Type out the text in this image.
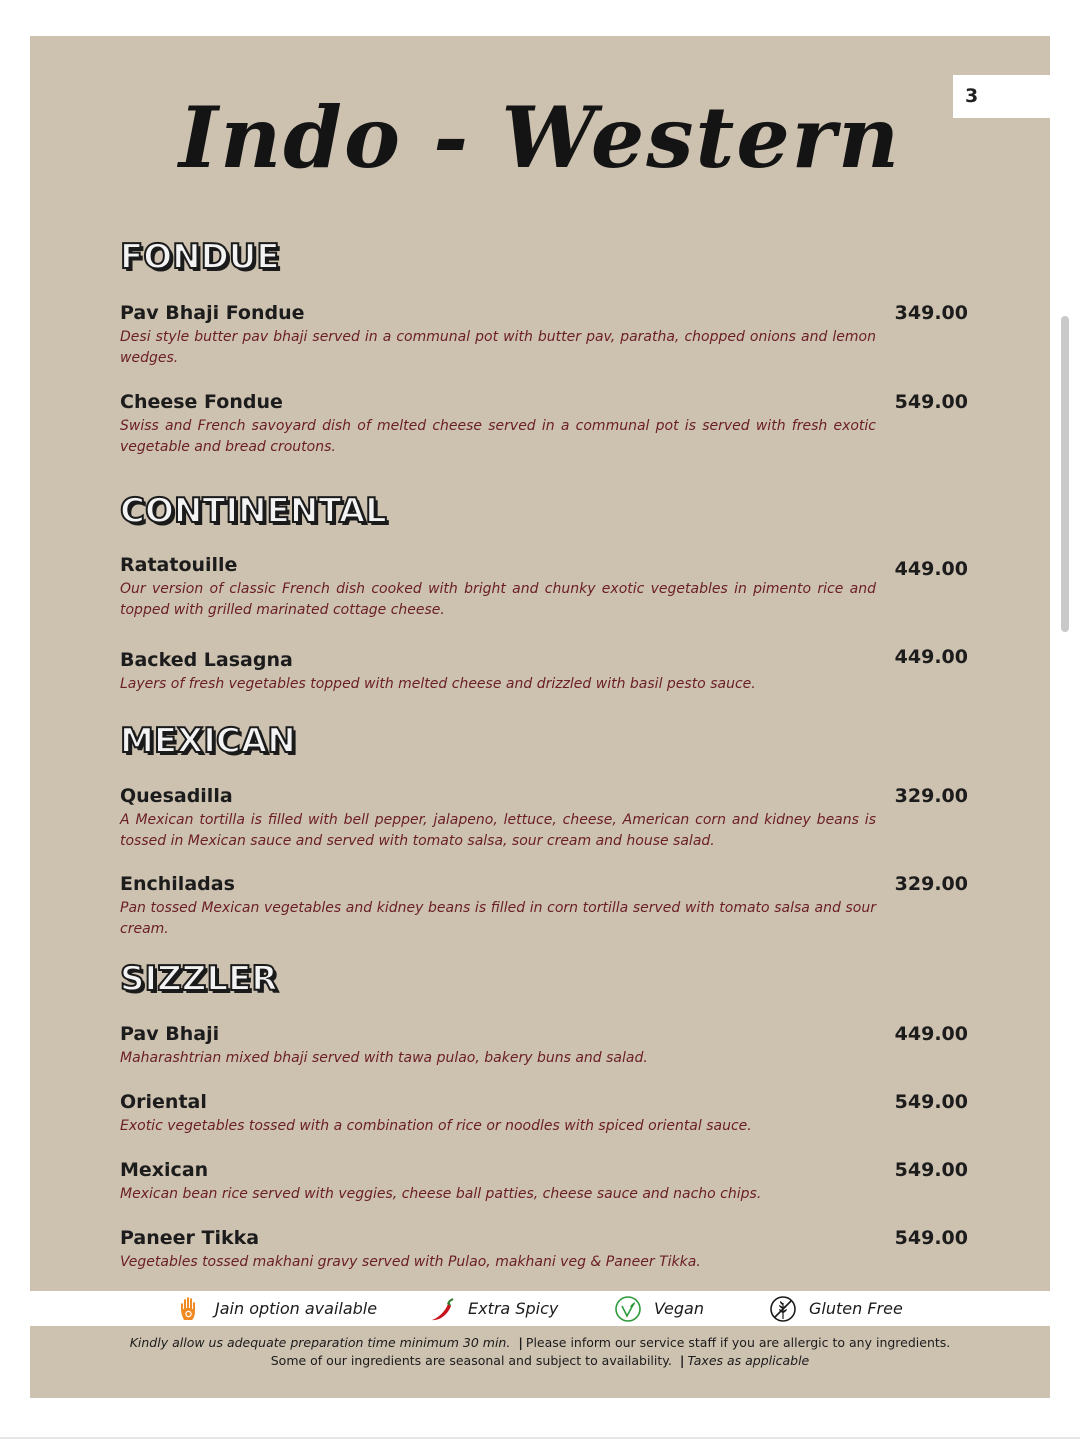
3
Indo - Western
FONDUE
Pav Bhaji Fondue
Desi style butter pav bhaji served in a communal pot with butter pav, paratha, chopped onions and lemon wedges.
349.00
Cheese Fondue
Swiss and French savoyard dish of melted cheese served in a communal pot is served with fresh exotic vegetable and bread croutons.
549.00
CONTINENTAL
Ratatouille
Our version of classic French dish cooked with bright and chunky exotic vegetables in pimento rice and topped with grilled marinated cottage cheese.
449.00
Backed Lasagna
Layers of fresh vegetables topped with melted cheese and drizzled with basil pesto sauce.
449.00
MEXICAN
Quesadilla
A Mexican tortilla is filled with bell pepper, jalapeno, lettuce, cheese, American corn and kidney beans is tossed in Mexican sauce and served with tomato salsa, sour cream and house salad.
329.00
Enchiladas
Pan tossed Mexican vegetables and kidney beans is filled in corn tortilla served with tomato salsa and sour cream.
329.00
SIZZLER
Pav Bhaji
Maharashtrian mixed bhaji served with tawa pulao, bakery buns and salad.
449.00
Oriental
Exotic vegetables tossed with a combination of rice or noodles with spiced oriental sauce.
549.00
Mexican
Mexican bean rice served with veggies, cheese ball patties, cheese sauce and nacho chips.
549.00
Paneer Tikka
Vegetables tossed makhani gravy served with Pulao, makhani veg & Paneer Tikka.
549.00
Jain option available	Extra Spicy	Vegan	Gluten Free
Kindly allow us adequate preparation time minimum 30 min. | Please inform our service staff if you are allergic to any ingredients.
Some of our ingredients are seasonal and subject to availability. | Taxes as applicable
